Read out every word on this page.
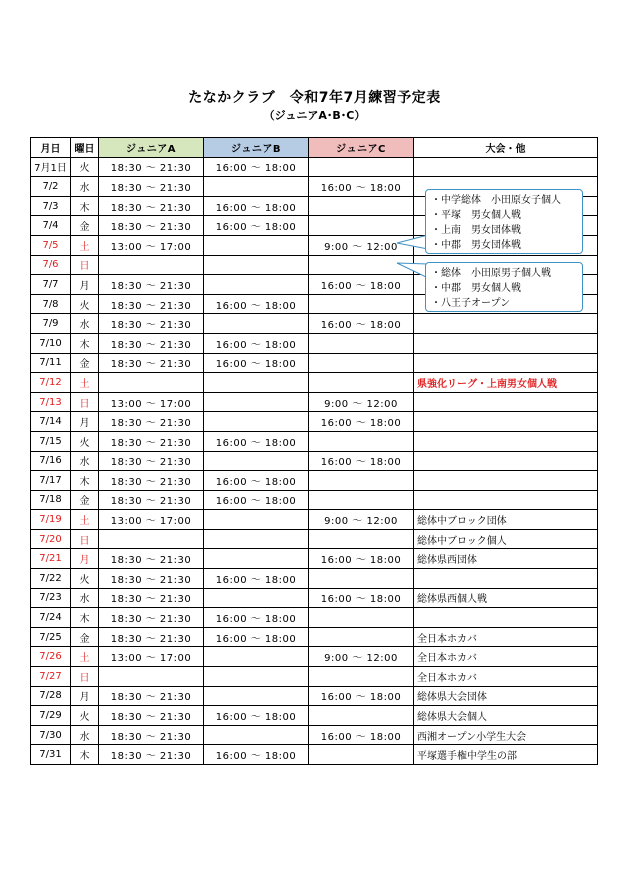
たなかクラブ　令和7年7月練習予定表
（ジュニアA･B･C）
月日	曜日	ジュニアA	ジュニアB	ジュニアC	大会・他
7月1日	火	18:30 ～ 21:30	16:00 ～ 18:00		
7/2	水	18:30 ～ 21:30		16:00 ～ 18:00	
7/3	木	18:30 ～ 21:30	16:00 ～ 18:00		
7/4	金	18:30 ～ 21:30	16:00 ～ 18:00		
7/5	土	13:00 ～ 17:00		9:00 ～ 12:00	
7/6	日				
7/7	月	18:30 ～ 21:30		16:00 ～ 18:00	
7/8	火	18:30 ～ 21:30	16:00 ～ 18:00		
7/9	水	18:30 ～ 21:30		16:00 ～ 18:00	
7/10	木	18:30 ～ 21:30	16:00 ～ 18:00		
7/11	金	18:30 ～ 21:30	16:00 ～ 18:00		
7/12	土				県強化リーグ・上南男女個人戦
7/13	日	13:00 ～ 17:00		9:00 ～ 12:00	
7/14	月	18:30 ～ 21:30		16:00 ～ 18:00	
7/15	火	18:30 ～ 21:30	16:00 ～ 18:00		
7/16	水	18:30 ～ 21:30		16:00 ～ 18:00	
7/17	木	18:30 ～ 21:30	16:00 ～ 18:00		
7/18	金	18:30 ～ 21:30	16:00 ～ 18:00		
7/19	土	13:00 ～ 17:00		9:00 ～ 12:00	総体中ブロック団体
7/20	日				総体中ブロック個人
7/21	月	18:30 ～ 21:30		16:00 ～ 18:00	総体県西団体
7/22	火	18:30 ～ 21:30	16:00 ～ 18:00		
7/23	水	18:30 ～ 21:30		16:00 ～ 18:00	総体県西個人戦
7/24	木	18:30 ～ 21:30	16:00 ～ 18:00		
7/25	金	18:30 ～ 21:30	16:00 ～ 18:00		全日本ホカバ
7/26	土	13:00 ～ 17:00		9:00 ～ 12:00	全日本ホカバ
7/27	日				全日本ホカバ
7/28	月	18:30 ～ 21:30		16:00 ～ 18:00	総体県大会団体
7/29	火	18:30 ～ 21:30	16:00 ～ 18:00		総体県大会個人
7/30	水	18:30 ～ 21:30		16:00 ～ 18:00	西湘オープン小学生大会
7/31	木	18:30 ～ 21:30	16:00 ～ 18:00		平塚選手権中学生の部
・中学総体　小田原女子個人
・平塚　男女個人戦
・上南　男女団体戦
・中郡　男女団体戦
・総体　小田原男子個人戦
・中郡　男女個人戦
・八王子オープン
